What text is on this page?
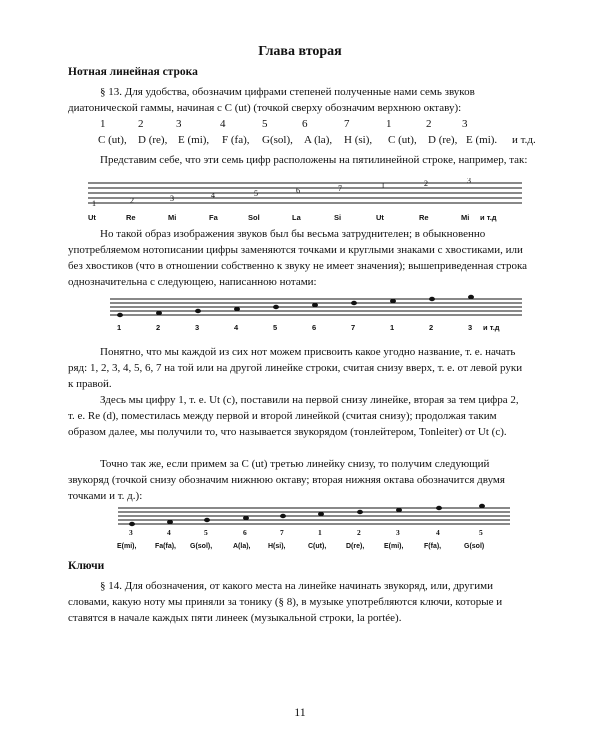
Глава вторая
Нотная линейная строка
§ 13. Для удобства, обозначим цифрами степеней полученные нами семь звуков диатонической гаммы, начиная с С (ut) (точкой сверху обозначим верхнюю октаву):
1	2	3	4	5	6	7	1	2	3
C (ut), D (re), E (mi), F (fa), G(sol), A (la), H (si), C (ut), D (re), E (mi). и т.д.
Представим себе, что эти семь цифр расположены на пятилинейной строке, например, так:
1	2	3	4	5	6	7	1	2	3
Ut	Re	Mi	Fa	Sol	La	Si	Ut	Re	Mi и т.д
Но такой образ изображения звуков был бы весьма затруднителен; в обыкновенно употребляемом нотописании цифры заменяются точками и круглыми знаками с хвостиками, или без хвостиков (что в отношении собственно к звуку не имеет значения); вышеприведенная строка однозначительна с следующею, написанною нотами:
1	2	3	4	5	6	7	1	2	3 и т.д
Понятно, что мы каждой из сих нот можем присвоить какое угодно название, т. е. начать ряд: 1, 2, 3, 4, 5, 6, 7 на той или на другой линейке строки, считая снизу вверх, т. е. от левой руки к правой.
Здесь мы цифру 1, т. е. Ut (c), поставили на первой снизу линейке, вторая за тем цифра 2, т. е. Re (d), поместилась между первой и второй линейкой (считая снизу); продолжая таким образом далее, мы получили то, что называется звукорядом (тонлейтером, Tonleiter) от Ut (c).
Точно так же, если примем за С (ut) третью линейку снизу, то получим следующий звукоряд (точкой снизу обозначим нижнюю октаву; вторая нижняя октава обозначится двумя точками и т. д.):
3	4	5	6	7	1	2	3	4	5
E(mi),	Fa(fa), G(sol),	A(la),	H(si),	C(ut),	D(re),	E(mi),	F(fa),	G(sol)
Ключи
§ 14. Для обозначения, от какого места на линейке начинать звукоряд, или, другими словами, какую ноту мы приняли за тонику (§ 8), в музыке употребляются ключи, которые и ставятся в начале каждых пяти линеек (музыкальной строки, la portée).
11
